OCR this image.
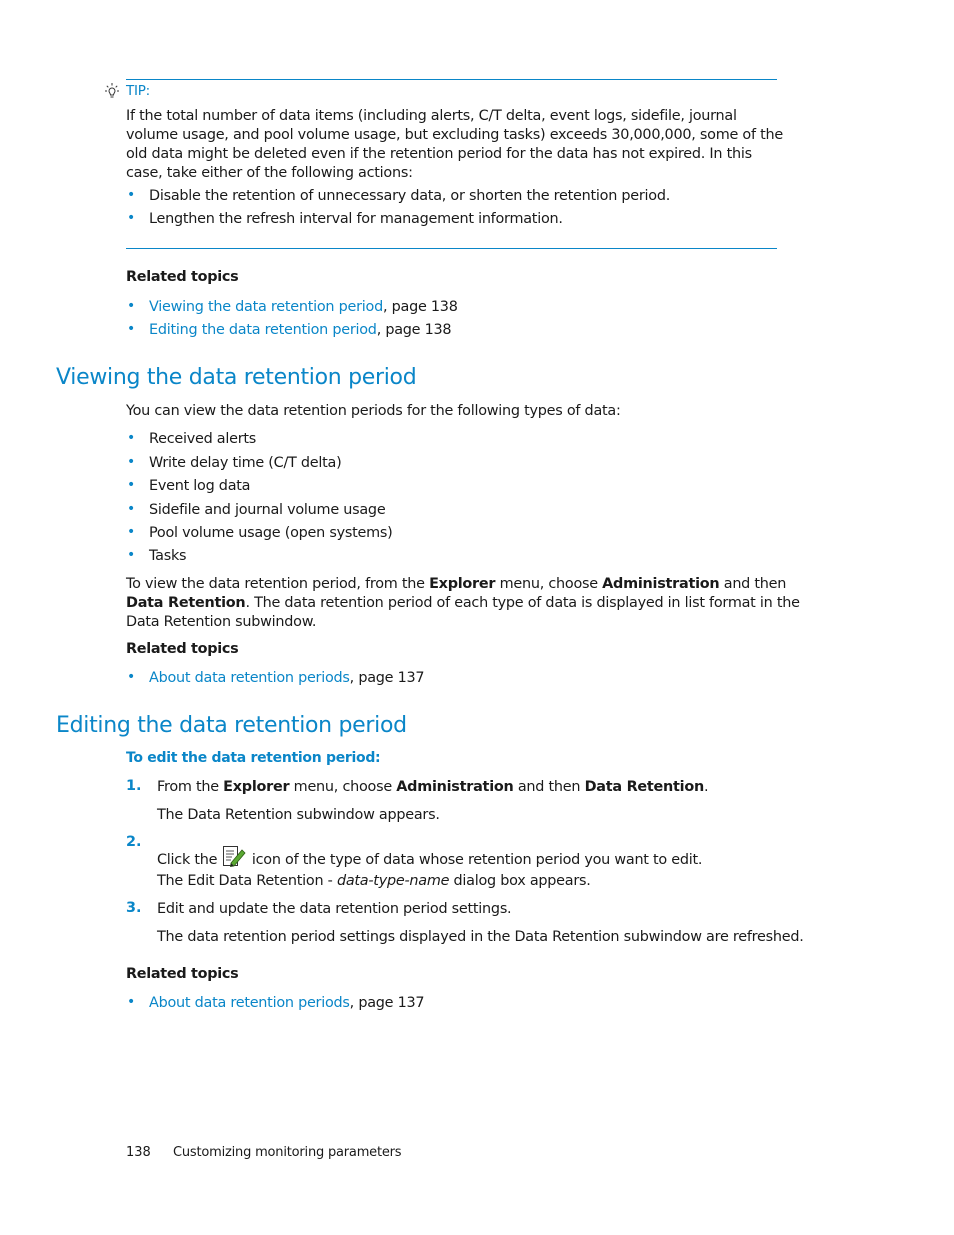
TIP:
If the total number of data items (including alerts, C/T delta, event logs, sidefile, journal volume usage, and pool volume usage, but excluding tasks) exceeds 30,000,000, some of the old data might be deleted even if the retention period for the data has not expired. In this case, take either of the following actions:
• Disable the retention of unnecessary data, or shorten the retention period.
• Lengthen the refresh interval for management information.
Related topics
• Viewing the data retention period, page 138
• Editing the data retention period, page 138
Viewing the data retention period
You can view the data retention periods for the following types of data:
• Received alerts
• Write delay time (C/T delta)
• Event log data
• Sidefile and journal volume usage
• Pool volume usage (open systems)
• Tasks
To view the data retention period, from the Explorer menu, choose Administration and then Data Retention. The data retention period of each type of data is displayed in list format in the Data Retention subwindow.
Related topics
• About data retention periods, page 137
Editing the data retention period
To edit the data retention period:
1. From the Explorer menu, choose Administration and then Data Retention.
The Data Retention subwindow appears.
2.
Click the  icon of the type of data whose retention period you want to edit.
The Edit Data Retention - data-type-name dialog box appears.
3. Edit and update the data retention period settings.
The data retention period settings displayed in the Data Retention subwindow are refreshed.
Related topics
• About data retention periods, page 137
138 Customizing monitoring parameters
